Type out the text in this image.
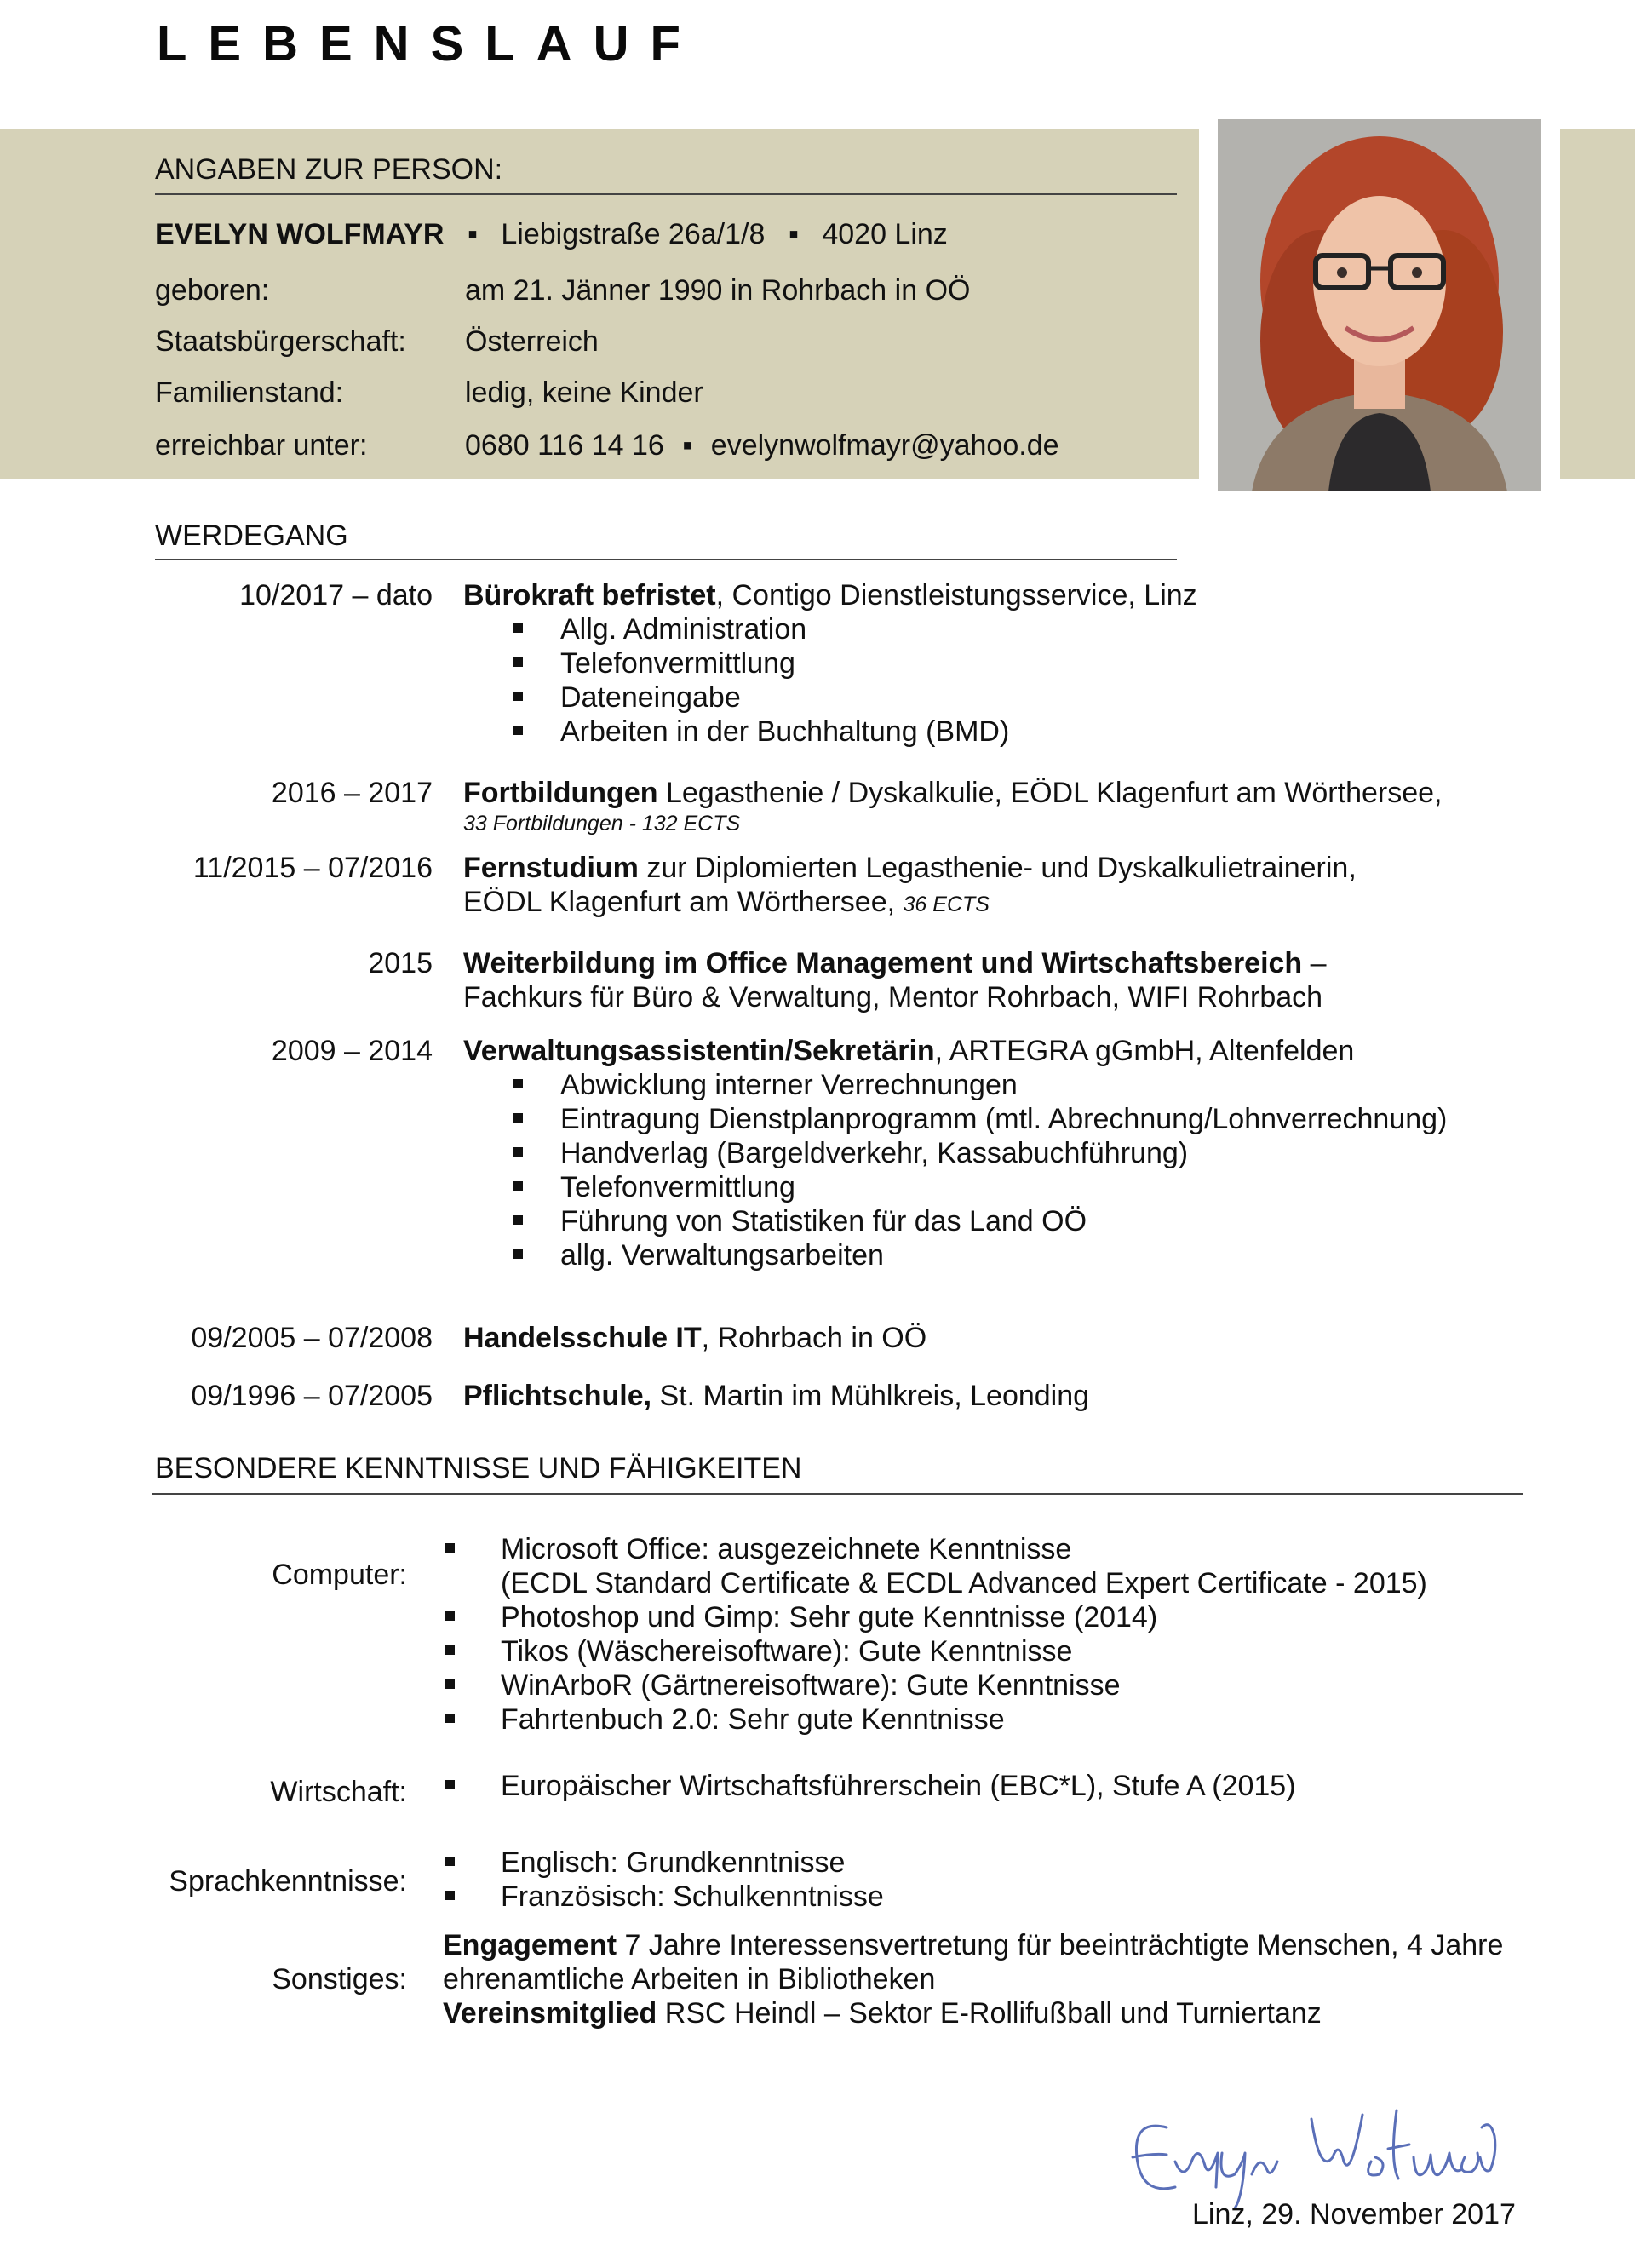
LEBENSLAUF
ANGABEN ZUR PERSON:
EVELYN WOLFMAYR ▪ Liebigstraße 26a/1/8 ▪ 4020 Linz
geboren:	am 21. Jänner 1990 in Rohrbach in OÖ
Staatsbürgerschaft: Österreich
Familienstand:	ledig, keine Kinder
erreichbar unter:	0680 116 14 16 ▪ evelynwolfmayr@yahoo.de
WERDEGANG
10/2017 – dato Bürokraft befristet, Contigo Dienstleistungsservice, Linz
Allg. Administration
Telefonvermittlung
Dateneingabe
Arbeiten in der Buchhaltung (BMD)
2016 – 2017 Fortbildungen Legasthenie / Dyskalkulie, EÖDL Klagenfurt am Wörthersee,
33 Fortbildungen - 132 ECTS
11/2015 – 07/2016 Fernstudium zur Diplomierten Legasthenie- und Dyskalkulietrainerin,
EÖDL Klagenfurt am Wörthersee, 36 ECTS
2015 Weiterbildung im Office Management und Wirtschaftsbereich –
Fachkurs für Büro & Verwaltung, Mentor Rohrbach, WIFI Rohrbach
2009 – 2014 Verwaltungsassistentin/Sekretärin, ARTEGRA gGmbH, Altenfelden
Abwicklung interner Verrechnungen
Eintragung Dienstplanprogramm (mtl. Abrechnung/Lohnverrechnung)
Handverlag (Bargeldverkehr, Kassabuchführung)
Telefonvermittlung
Führung von Statistiken für das Land OÖ
allg. Verwaltungsarbeiten
09/2005 – 07/2008 Handelsschule IT, Rohrbach in OÖ
09/1996 – 07/2005 Pflichtschule, St. Martin im Mühlkreis, Leonding
BESONDERE KENNTNISSE UND FÄHIGKEITEN
Computer:
Microsoft Office: ausgezeichnete Kenntnisse
(ECDL Standard Certificate & ECDL Advanced Expert Certificate - 2015)
Photoshop und Gimp: Sehr gute Kenntnisse (2014)
Tikos (Wäschereisoftware): Gute Kenntnisse
WinArboR (Gärtnereisoftware): Gute Kenntnisse
Fahrtenbuch 2.0: Sehr gute Kenntnisse
Wirtschaft:	Europäischer Wirtschaftsführerschein (EBC*L), Stufe A (2015)
Sprachkenntnisse:
Englisch: Grundkenntnisse
Französisch: Schulkenntnisse
Sonstiges:
Engagement 7 Jahre Interessensvertretung für beeinträchtigte Menschen, 4 Jahre
ehrenamtliche Arbeiten in Bibliotheken
Vereinsmitglied RSC Heindl – Sektor E-Rollifußball und Turniertanz
Linz, 29. November 2017
